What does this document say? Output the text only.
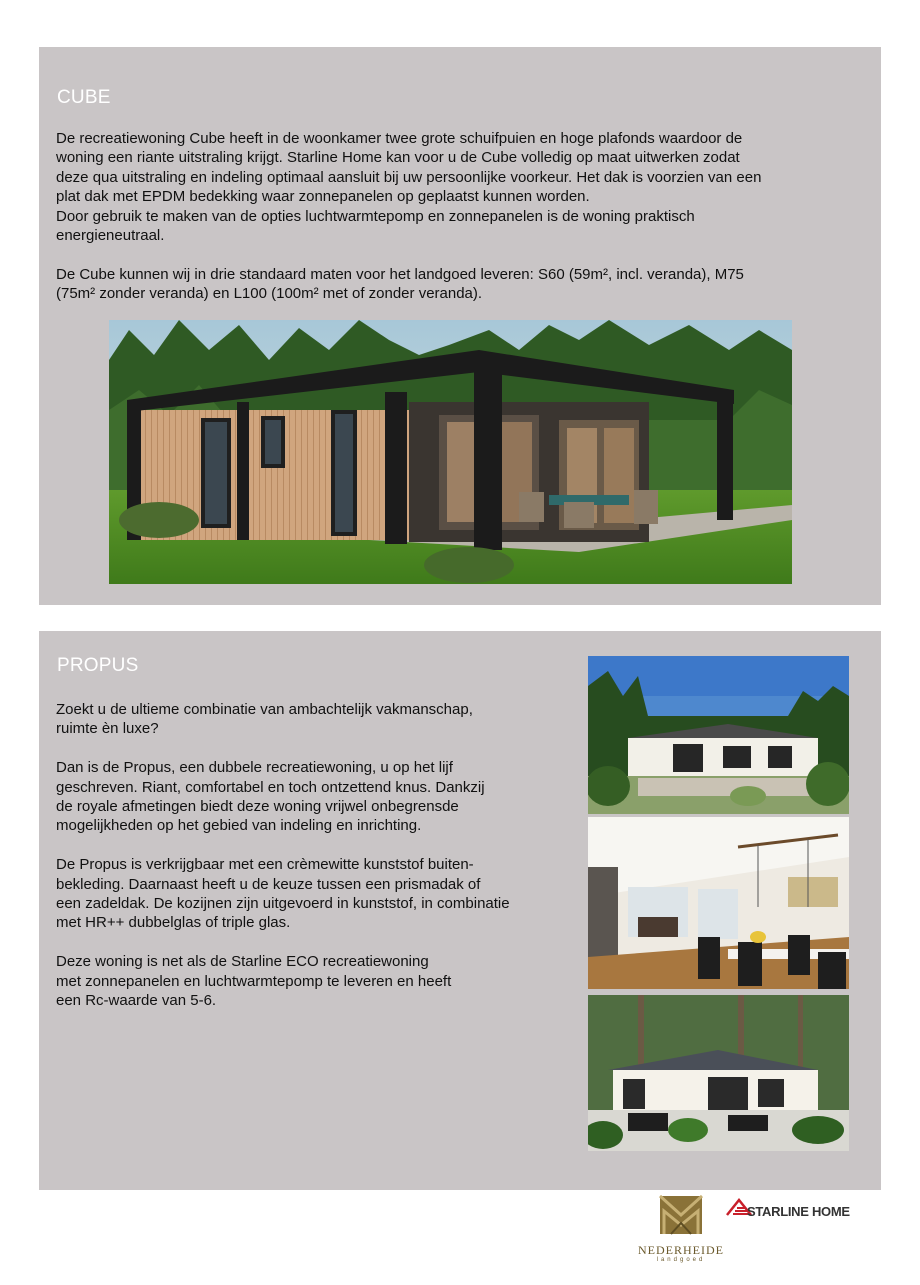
CUBE

De recreatiewoning Cube heeft in de woonkamer twee grote schuifpuien en hoge plafonds waardoor de

woning een riante uitstraling krijgt. Starline Home kan voor u de Cube volledig op maat uitwerken zodat

deze qua uitstraling en indeling optimaal aansluit bij uw persoonlijke voorkeur. Het dak is voorzien van een

plat dak met EPDM bedekking waar zonnepanelen op geplaatst kunnen worden.

Door gebruik te maken van de opties luchtwarmtepomp en zonnepanelen is de woning praktisch

energieneutraal.

De Cube kunnen wij in drie standaard maten voor het landgoed leveren: S60 (59m², incl. veranda), M75

(75m² zonder veranda) en L100 (100m² met of zonder veranda).

PROPUS

Zoekt u de ultieme combinatie van ambachtelijk vakmanschap,

ruimte èn luxe?

Dan is de Propus, een dubbele recreatiewoning, u op het lijf

geschreven. Riant, comfortabel en toch ontzettend knus. Dankzij

de royale afmetingen biedt deze woning vrijwel onbegrensde

mogelijkheden op het gebied van indeling en inrichting.

De Propus is verkrijgbaar met een crèmewitte kunststof buiten-

bekleding. Daarnaast heeft u de keuze tussen een prismadak of

een zadeldak. De kozijnen zijn uitgevoerd in kunststof, in combinatie

met HR++ dubbelglas of triple glas.

Deze woning is net als de Starline ECO recreatiewoning

met zonnepanelen en luchtwarmtepomp te leveren en heeft

een Rc-waarde van 5-6.

NEDERHEIDE
landgoed
STARLINE HOME
